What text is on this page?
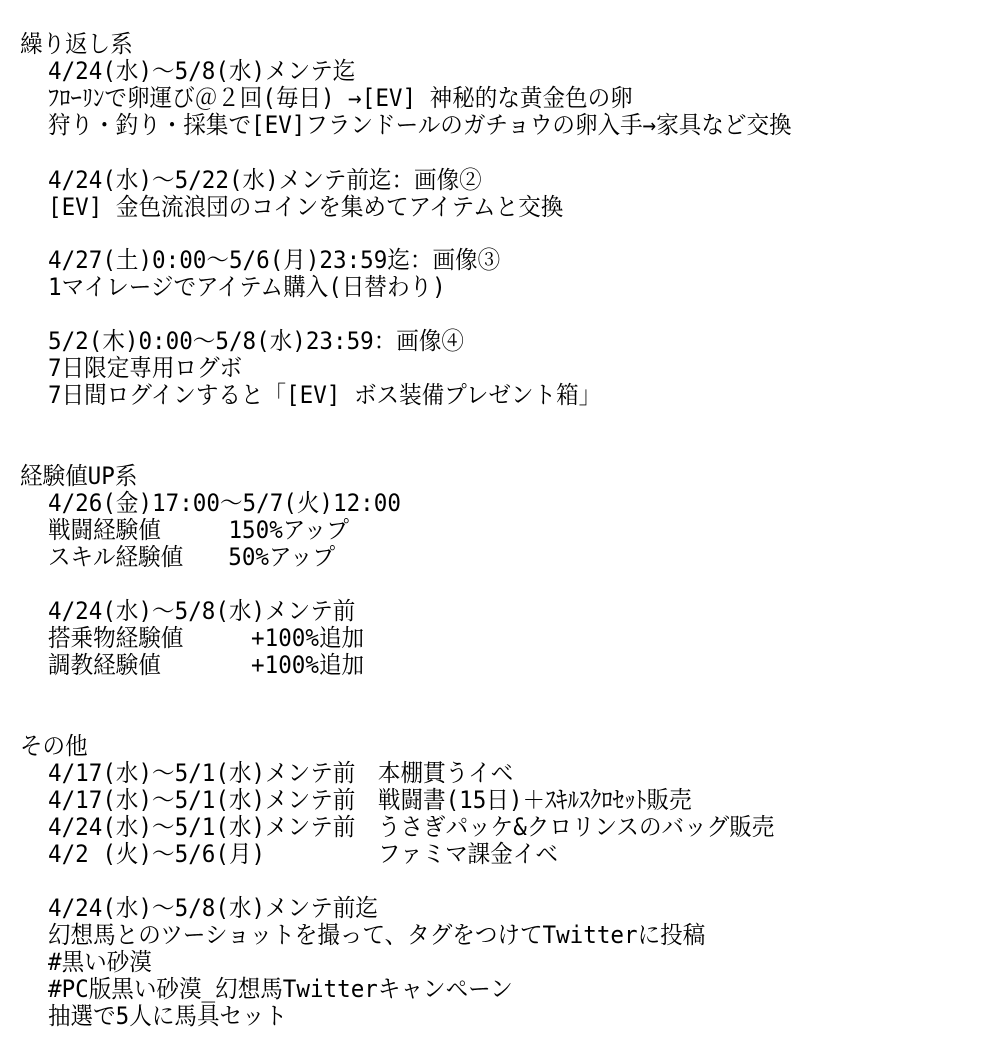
繰り返し系
4/24(水)～5/8(水)メンテ迄
ﾌﾛｰﾘﾝで卵運び＠２回(毎日) →[EV] 神秘的な黄金色の卵
狩り・釣り・採集で[EV]フランドールのガチョウの卵入手→家具など交換
4/24(水)～5/22(水)メンテ前迄：画像②
[EV] 金色流浪団のコインを集めてアイテムと交換
4/27(土)0:00～5/6(月)23:59迄：画像③
1マイレージでアイテム購入(日替わり)
5/2(木)0:00～5/8(水)23:59：画像④
7日限定専用ログボ
7日間ログインすると「[EV] ボス装備プレゼント箱」
経験値UP系
4/26(金)17:00～5/7(火)12:00
戦闘経験値　　　150%アップ
スキル経験値　　50%アップ
4/24(水)～5/8(水)メンテ前
搭乗物経験値　　　+100%追加
調教経験値　　　　+100%追加
その他
4/17(水)～5/1(水)メンテ前　本棚貫うイベ
4/17(水)～5/1(水)メンテ前　戦闘書(15日)＋ｽｷﾙｽｸﾛｾｯﾄ販売
4/24(水)～5/1(水)メンテ前　うさぎパッケ&クロリンスのバッグ販売
4/2 (火)～5/6(月)　　　　　ファミマ課金イベ
4/24(水)～5/8(水)メンテ前迄
幻想馬とのツーショットを撮って、タグをつけてTwitterに投稿
#黒い砂漠
#PC版黒い砂漠_幻想馬Twitterキャンペーン
抽選で5人に馬具セット
